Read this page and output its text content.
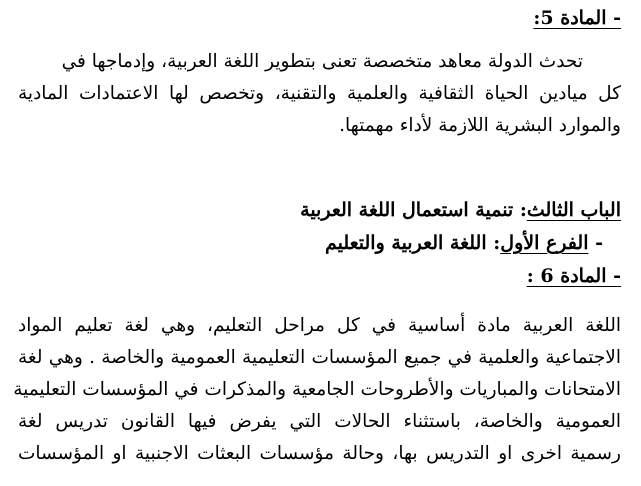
- المادة 5:
تحدث الدولة معاهد متخصصة تعنى بتطوير اللغة العربية، وإدماجها في
كل ميادين الحياة الثقافية والعلمية والتقنية، وتخصص لها الاعتمادات المادية
والموارد البشرية اللازمة لأداء مهمتها.
الباب الثالث: تنمية استعمال اللغة العربية
- الفرع الأول: اللغة العربية والتعليم
- المادة 6 :
اللغة العربية مادة أساسية في كل مراحل التعليم، وهي لغة تعليم المواد
الاجتماعية والعلمية في جميع المؤسسات التعليمية العمومية والخاصة . وهي لغة
الامتحانات والمباريات والأطروحات الجامعية والمذكرات في المؤسسات التعليمية
العمومية والخاصة، باستثناء الحالات التي يفرض فيها القانون تدريس لغة
رسمية اخرى او التدريس بها، وحالة مؤسسات البعثات الاجنبية او المؤسسات
